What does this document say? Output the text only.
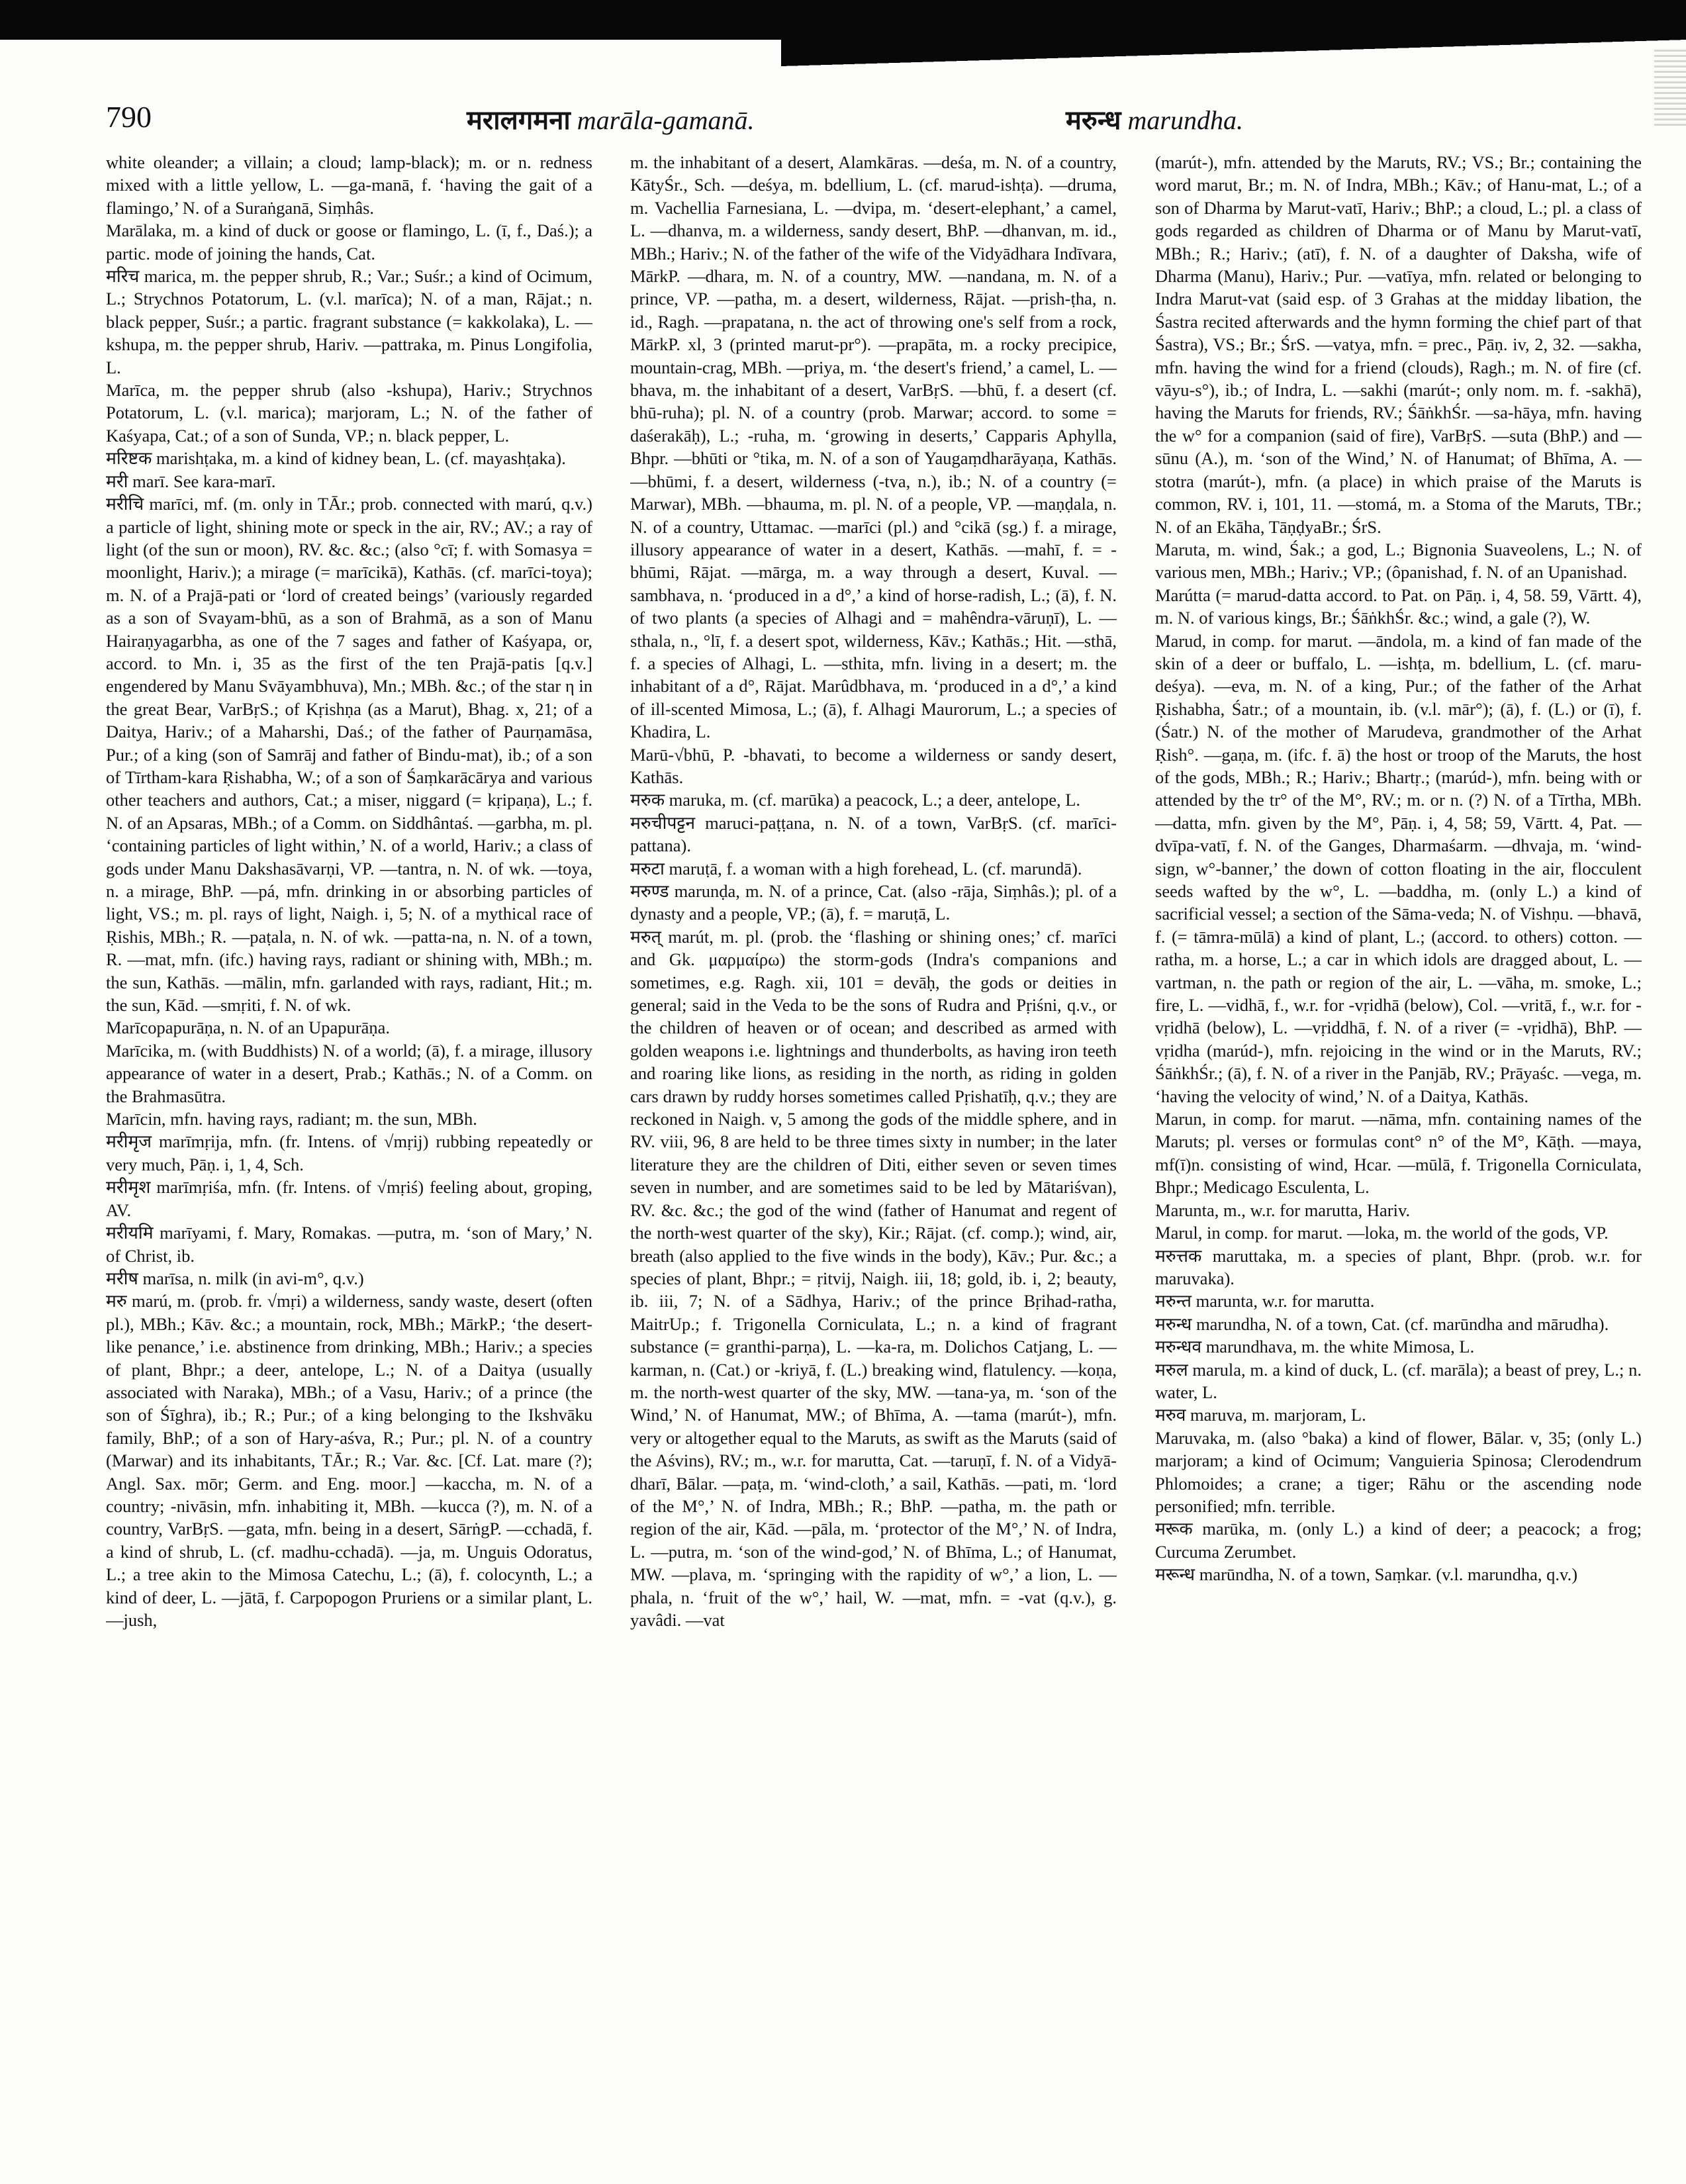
790	मरालगमना marāla-gamanā.	मरुन्ध marundha.

white oleander; a villain; a cloud; lamp-black); m. or n. redness mixed with a little yellow, L. —ga-manā, f. ‘having the gait of a flamingo,’ N. of a Suraṅganā, Siṃhâs.

Marālaka, m. a kind of duck or goose or flamingo, L. (ī, f., Daś.); a partic. mode of joining the hands, Cat.

मरिच marica, m. the pepper shrub, R.; Var.; Suśr.; a kind of Ocimum, L.; Strychnos Potatorum, L. (v.l. marīca); N. of a man, Rājat.; n. black pepper, Suśr.; a partic. fragrant substance (= kakkolaka), L. —kshupa, m. the pepper shrub, Hariv. —pattraka, m. Pinus Longifolia, L.

Marīca, m. the pepper shrub (also -kshupa), Hariv.; Strychnos Potatorum, L. (v.l. marica); marjoram, L.; N. of the father of Kaśyapa, Cat.; of a son of Sunda, VP.; n. black pepper, L.

मरिष्टक marishṭaka, m. a kind of kidney bean, L. (cf. mayashṭaka).

मरी marī. See kara-marī.

मरीचि marīci, mf. (m. only in TĀr.; prob. connected with marú, q.v.) a particle of light, shining mote or speck in the air, RV.; AV.; a ray of light (of the sun or moon), RV. &c. &c.; (also °cī; f. with Somasya = moonlight, Hariv.); a mirage (= marīcikā), Kathās. (cf. marīci-toya); m. N. of a Prajā-pati or ‘lord of created beings’ (variously regarded as a son of Svayam-bhū, as a son of Brahmā, as a son of Manu Hairaṇyagarbha, as one of the 7 sages and father of Kaśyapa, or, accord. to Mn. i, 35 as the first of the ten Prajā-patis [q.v.] engendered by Manu Svāyambhuva), Mn.; MBh. &c.; of the star η in the great Bear, VarBṛS.; of Kṛishṇa (as a Marut), Bhag. x, 21; of a Daitya, Hariv.; of a Maharshi, Daś.; of the father of Paurṇamāsa, Pur.; of a king (son of Samrāj and father of Bindu-mat), ib.; of a son of Tīrtham-kara Ṛishabha, W.; of a son of Śaṃkarācārya and various other teachers and authors, Cat.; a miser, niggard (= kṛipaṇa), L.; f. N. of an Apsaras, MBh.; of a Comm. on Siddhântaś. —garbha, m. pl. ‘containing particles of light within,’ N. of a world, Hariv.; a class of gods under Manu Dakshasāvarṇi, VP. —tantra, n. N. of wk. —toya, n. a mirage, BhP. —pá, mfn. drinking in or absorbing particles of light, VS.; m. pl. rays of light, Naigh. i, 5; N. of a mythical race of Ṛishis, MBh.; R. —paṭala, n. N. of wk. —patta-na, n. N. of a town, R. —mat, mfn. (ifc.) having rays, radiant or shining with, MBh.; m. the sun, Kathās. —mālin, mfn. garlanded with rays, radiant, Hit.; m. the sun, Kād. —smṛiti, f. N. of wk.

Marīcopapurāṇa, n. N. of an Upapurāṇa.

Marīcika, m. (with Buddhists) N. of a world; (ā), f. a mirage, illusory appearance of water in a desert, Prab.; Kathās.; N. of a Comm. on the Brahmasūtra.

Marīcin, mfn. having rays, radiant; m. the sun, MBh.

मरीमृज marīmṛija, mfn. (fr. Intens. of √mṛij) rubbing repeatedly or very much, Pāṇ. i, 1, 4, Sch.

मरीमृश marīmṛiśa, mfn. (fr. Intens. of √mṛiś) feeling about, groping, AV.

मरीयमि marīyami, f. Mary, Romakas. —putra, m. ‘son of Mary,’ N. of Christ, ib.

मरीष marīsa, n. milk (in avi-m°, q.v.)

मरु marú, m. (prob. fr. √mṛi) a wilderness, sandy waste, desert (often pl.), MBh.; Kāv. &c.; a mountain, rock, MBh.; MārkP.; ‘the desert-like penance,’ i.e. abstinence from drinking, MBh.; Hariv.; a species of plant, Bhpr.; a deer, antelope, L.; N. of a Daitya (usually associated with Naraka), MBh.; of a Vasu, Hariv.; of a prince (the son of Śīghra), ib.; R.; Pur.; of a king belonging to the Ikshvāku family, BhP.; of a son of Hary-aśva, R.; Pur.; pl. N. of a country (Marwar) and its inhabitants, TĀr.; R.; Var. &c. [Cf. Lat. mare (?); Angl. Sax. mōr; Germ. and Eng. moor.] —kaccha, m. N. of a country; -nivāsin, mfn. inhabiting it, MBh. —kucca (?), m. N. of a country, VarBṛS. —gata, mfn. being in a desert, SārṅgP. —cchadā, f. a kind of shrub, L. (cf. madhu-cchadā). —ja, m. Unguis Odoratus, L.; a tree akin to the Mimosa Catechu, L.; (ā), f. colocynth, L.; a kind of deer, L. —jātā, f. Carpopogon Pruriens or a similar plant, L. —jush,

m. the inhabitant of a desert, Alamkāras. —deśa, m. N. of a country, KātyŚr., Sch. —deśya, m. bdellium, L. (cf. marud-ishṭa). —druma, m. Vachellia Farnesiana, L. —dvipa, m. ‘desert-elephant,’ a camel, L. —dhanva, m. a wilderness, sandy desert, BhP. —dhanvan, m. id., MBh.; Hariv.; N. of the father of the wife of the Vidyādhara Indīvara, MārkP. —dhara, m. N. of a country, MW. —nandana, m. N. of a prince, VP. —patha, m. a desert, wilderness, Rājat. —prish-ṭha, n. id., Ragh. —prapatana, n. the act of throwing one's self from a rock, MārkP. xl, 3 (printed marut-pr°). —prapāta, m. a rocky precipice, mountain-crag, MBh. —priya, m. ‘the desert's friend,’ a camel, L. —bhava, m. the inhabitant of a desert, VarBṛS. —bhū, f. a desert (cf. bhū-ruha); pl. N. of a country (prob. Marwar; accord. to some = daśerakāḥ), L.; -ruha, m. ‘growing in deserts,’ Capparis Aphylla, Bhpr. —bhūti or °tika, m. N. of a son of Yaugaṃdharāyaṇa, Kathās. —bhūmi, f. a desert, wilderness (-tva, n.), ib.; N. of a country (= Marwar), MBh. —bhauma, m. pl. N. of a people, VP. —maṇḍala, n. N. of a country, Uttamac. —marīci (pl.) and °cikā (sg.) f. a mirage, illusory appearance of water in a desert, Kathās. —mahī, f. = -bhūmi, Rājat. —mārga, m. a way through a desert, Kuval. —sambhava, n. ‘produced in a d°,’ a kind of horse-radish, L.; (ā), f. N. of two plants (a species of Alhagi and = mahêndra-vāruṇī), L. —sthala, n., °lī, f. a desert spot, wilderness, Kāv.; Kathās.; Hit. —sthā, f. a species of Alhagi, L. —sthita, mfn. living in a desert; m. the inhabitant of a d°, Rājat. Marûdbhava, m. ‘produced in a d°,’ a kind of ill-scented Mimosa, L.; (ā), f. Alhagi Maurorum, L.; a species of Khadira, L.

Marū-√bhū, P. -bhavati, to become a wilderness or sandy desert, Kathās.

मरुक maruka, m. (cf. marūka) a peacock, L.; a deer, antelope, L.

मरुचीपट्टन maruci-paṭṭana, n. N. of a town, VarBṛS. (cf. marīci-pattana).

मरुटा maruṭā, f. a woman with a high forehead, L. (cf. marundā).

मरुण्ड marunḍa, m. N. of a prince, Cat. (also -rāja, Siṃhâs.); pl. of a dynasty and a people, VP.; (ā), f. = maruṭā, L.

मरुत् marút, m. pl. (prob. the ‘flashing or shining ones;’ cf. marīci and Gk. μαρμαίρω) the storm-gods (Indra's companions and sometimes, e.g. Ragh. xii, 101 = devāḥ, the gods or deities in general; said in the Veda to be the sons of Rudra and Pṛiśni, q.v., or the children of heaven or of ocean; and described as armed with golden weapons i.e. lightnings and thunderbolts, as having iron teeth and roaring like lions, as residing in the north, as riding in golden cars drawn by ruddy horses sometimes called Pṛishatīḥ, q.v.; they are reckoned in Naigh. v, 5 among the gods of the middle sphere, and in RV. viii, 96, 8 are held to be three times sixty in number; in the later literature they are the children of Diti, either seven or seven times seven in number, and are sometimes said to be led by Mātariśvan), RV. &c. &c.; the god of the wind (father of Hanumat and regent of the north-west quarter of the sky), Kir.; Rājat. (cf. comp.); wind, air, breath (also applied to the five winds in the body), Kāv.; Pur. &c.; a species of plant, Bhpr.; = ṛitvij, Naigh. iii, 18; gold, ib. i, 2; beauty, ib. iii, 7; N. of a Sādhya, Hariv.; of the prince Bṛihad-ratha, MaitrUp.; f. Trigonella Corniculata, L.; n. a kind of fragrant substance (= granthi-parṇa), L. —ka-ra, m. Dolichos Catjang, L. —karman, n. (Cat.) or -kriyā, f. (L.) breaking wind, flatulency. —koṇa, m. the north-west quarter of the sky, MW. —tana-ya, m. ‘son of the Wind,’ N. of Hanumat, MW.; of Bhīma, A. —tama (marút-), mfn. very or altogether equal to the Maruts, as swift as the Maruts (said of the Aśvins), RV.; m., w.r. for marutta, Cat. —taruṇī, f. N. of a Vidyā-dharī, Bālar. —paṭa, m. ‘wind-cloth,’ a sail, Kathās. —pati, m. ‘lord of the M°,’ N. of Indra, MBh.; R.; BhP. —patha, m. the path or region of the air, Kād. —pāla, m. ‘protector of the M°,’ N. of Indra, L. —putra, m. ‘son of the wind-god,’ N. of Bhīma, L.; of Hanumat, MW. —plava, m. ‘springing with the rapidity of w°,’ a lion, L. —phala, n. ‘fruit of the w°,’ hail, W. —mat, mfn. = -vat (q.v.), g. yavâdi. —vat

(marút-), mfn. attended by the Maruts, RV.; VS.; Br.; containing the word marut, Br.; m. N. of Indra, MBh.; Kāv.; of Hanu-mat, L.; of a son of Dharma by Marut-vatī, Hariv.; BhP.; a cloud, L.; pl. a class of gods regarded as children of Dharma or of Manu by Marut-vatī, MBh.; R.; Hariv.; (atī), f. N. of a daughter of Daksha, wife of Dharma (Manu), Hariv.; Pur. —vatīya, mfn. related or belonging to Indra Marut-vat (said esp. of 3 Grahas at the midday libation, the Śastra recited afterwards and the hymn forming the chief part of that Śastra), VS.; Br.; ŚrS. —vatya, mfn. = prec., Pāṇ. iv, 2, 32. —sakha, mfn. having the wind for a friend (clouds), Ragh.; m. N. of fire (cf. vāyu-s°), ib.; of Indra, L. —sakhi (marút-; only nom. m. f. -sakhā), having the Maruts for friends, RV.; ŚāṅkhŚr. —sa-hāya, mfn. having the w° for a companion (said of fire), VarBṛS. —suta (BhP.) and —sūnu (A.), m. ‘son of the Wind,’ N. of Hanumat; of Bhīma, A. —stotra (marút-), mfn. (a place) in which praise of the Maruts is common, RV. i, 101, 11. —stomá, m. a Stoma of the Maruts, TBr.; N. of an Ekāha, TāṇḍyaBr.; ŚrS.

Maruta, m. wind, Śak.; a god, L.; Bignonia Suaveolens, L.; N. of various men, MBh.; Hariv.; VP.; (ôpanishad, f. N. of an Upanishad.

Marútta (= marud-datta accord. to Pat. on Pāṇ. i, 4, 58. 59, Vārtt. 4), m. N. of various kings, Br.; ŚāṅkhŚr. &c.; wind, a gale (?), W.

Marud, in comp. for marut. —āndola, m. a kind of fan made of the skin of a deer or buffalo, L. —ishṭa, m. bdellium, L. (cf. maru-deśya). —eva, m. N. of a king, Pur.; of the father of the Arhat Ṛishabha, Śatr.; of a mountain, ib. (v.l. mār°); (ā), f. (L.) or (ī), f. (Śatr.) N. of the mother of Marudeva, grandmother of the Arhat Ṛish°. —gaṇa, m. (ifc. f. ā) the host or troop of the Maruts, the host of the gods, MBh.; R.; Hariv.; Bhartṛ.; (marúd-), mfn. being with or attended by the tr° of the M°, RV.; m. or n. (?) N. of a Tīrtha, MBh. —datta, mfn. given by the M°, Pāṇ. i, 4, 58; 59, Vārtt. 4, Pat. —dvīpa-vatī, f. N. of the Ganges, Dharmaśarm. —dhvaja, m. ‘wind-sign, w°-banner,’ the down of cotton floating in the air, flocculent seeds wafted by the w°, L. —baddha, m. (only L.) a kind of sacrificial vessel; a section of the Sāma-veda; N. of Vishṇu. —bhavā, f. (= tāmra-mūlā) a kind of plant, L.; (accord. to others) cotton. —ratha, m. a horse, L.; a car in which idols are dragged about, L. —vartman, n. the path or region of the air, L. —vāha, m. smoke, L.; fire, L. —vidhā, f., w.r. for -vṛidhā (below), Col. —vritā, f., w.r. for -vṛidhā (below), L. —vṛiddhā, f. N. of a river (= -vṛidhā), BhP. —vṛidha (marúd-), mfn. rejoicing in the wind or in the Maruts, RV.; ŚāṅkhŚr.; (ā), f. N. of a river in the Panjāb, RV.; Prāyaśc. —vega, m. ‘having the velocity of wind,’ N. of a Daitya, Kathās.

Marun, in comp. for marut. —nāma, mfn. containing names of the Maruts; pl. verses or formulas cont° n° of the M°, Kāṭh. —maya, mf(ī)n. consisting of wind, Hcar. —mūlā, f. Trigonella Corniculata, Bhpr.; Medicago Esculenta, L.

Marunta, m., w.r. for marutta, Hariv.

Marul, in comp. for marut. —loka, m. the world of the gods, VP.

मरुत्तक maruttaka, m. a species of plant, Bhpr. (prob. w.r. for maruvaka).

मरुन्त marunta, w.r. for marutta.

मरुन्ध marundha, N. of a town, Cat. (cf. marūndha and mārudha).

मरुन्धव marundhava, m. the white Mimosa, L.

मरुल marula, m. a kind of duck, L. (cf. marāla); a beast of prey, L.; n. water, L.

मरुव maruva, m. marjoram, L.

Maruvaka, m. (also °baka) a kind of flower, Bālar. v, 35; (only L.) marjoram; a kind of Ocimum; Vanguieria Spinosa; Clerodendrum Phlomoides; a crane; a tiger; Rāhu or the ascending node personified; mfn. terrible.

मरूक marūka, m. (only L.) a kind of deer; a peacock; a frog; Curcuma Zerumbet.

मरून्ध marūndha, N. of a town, Saṃkar. (v.l. marundha, q.v.)
